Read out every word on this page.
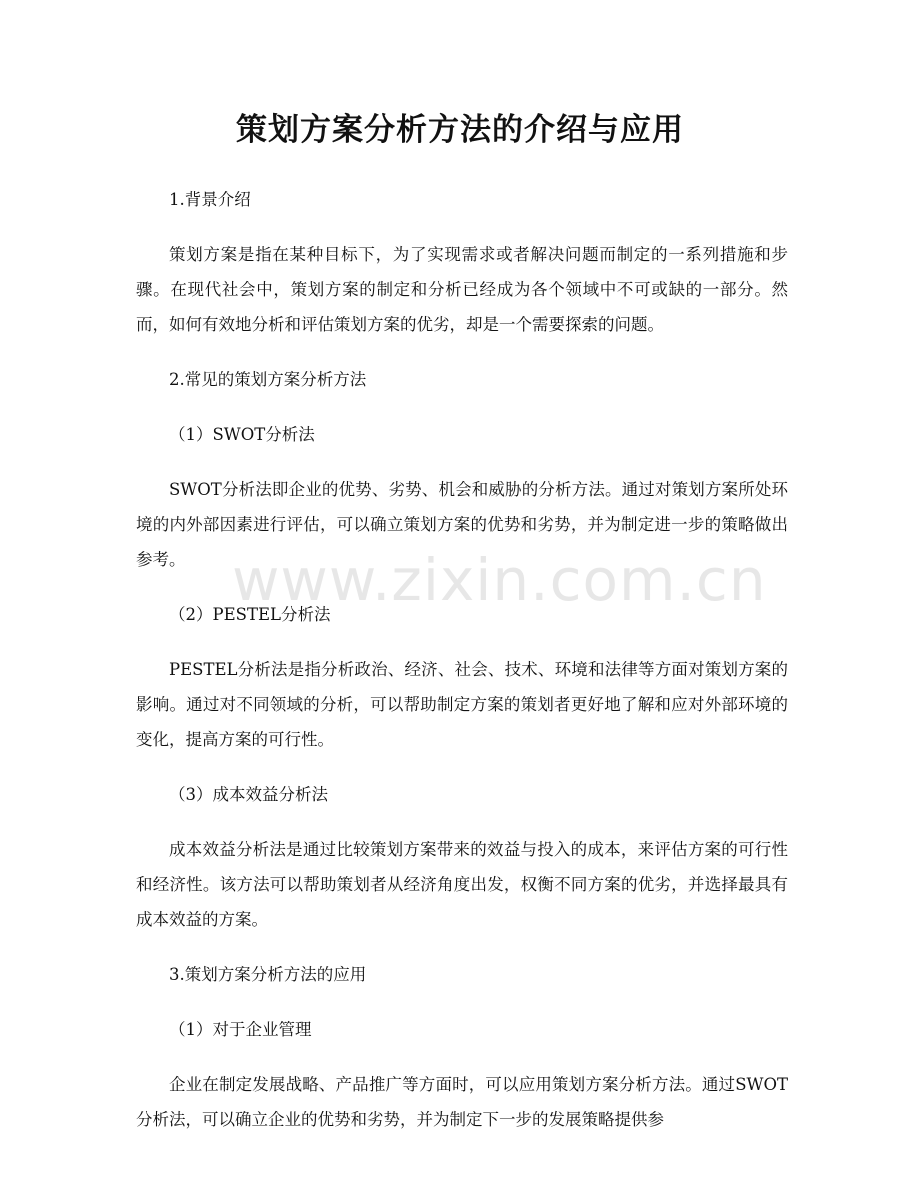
策划方案分析方法的介绍与应用

1.背景介绍

策划方案是指在某种目标下，为了实现需求或者解决问题而制定的一系列措施和步骤。在现代社会中，策划方案的制定和分析已经成为各个领域中不可或缺的一部分。然而，如何有效地分析和评估策划方案的优劣，却是一个需要探索的问题。

2.常见的策划方案分析方法

（1）SWOT分析法

SWOT分析法即企业的优势、劣势、机会和威胁的分析方法。通过对策划方案所处环境的内外部因素进行评估，可以确立策划方案的优势和劣势，并为制定进一步的策略做出参考。

（2）PESTEL分析法

PESTEL分析法是指分析政治、经济、社会、技术、环境和法律等方面对策划方案的影响。通过对不同领域的分析，可以帮助制定方案的策划者更好地了解和应对外部环境的变化，提高方案的可行性。

（3）成本效益分析法

成本效益分析法是通过比较策划方案带来的效益与投入的成本，来评估方案的可行性和经济性。该方法可以帮助策划者从经济角度出发，权衡不同方案的优劣，并选择最具有成本效益的方案。

3.策划方案分析方法的应用

（1）对于企业管理

企业在制定发展战略、产品推广等方面时，可以应用策划方案分析方法。通过SWOT分析法，可以确立企业的优势和劣势，并为制定下一步的发展策略提供参

www.zixin.com.cn
